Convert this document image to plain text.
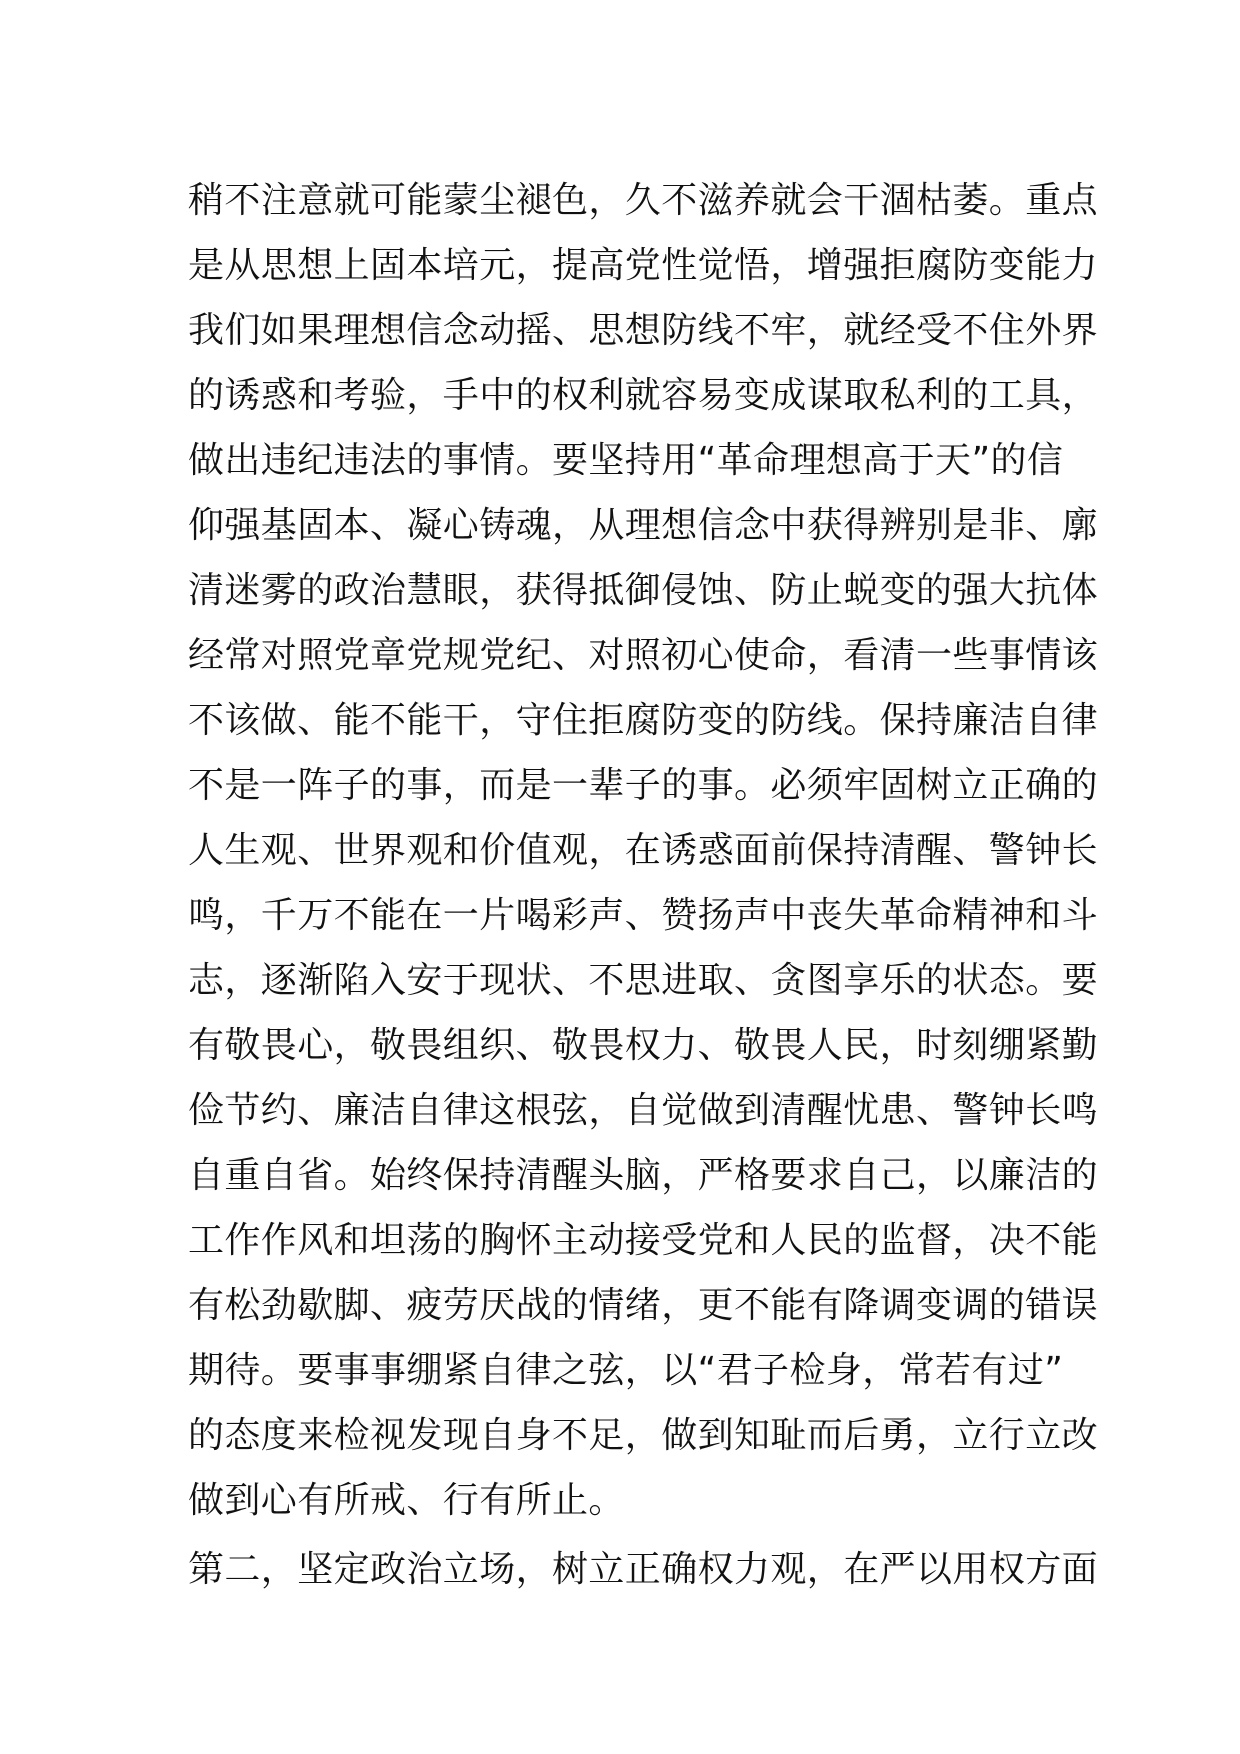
稍不注意就可能蒙尘褪色，久不滋养就会干涸枯萎。重点
是从思想上固本培元，提高党性觉悟，增强拒腐防变能力
我们如果理想信念动摇、思想防线不牢，就经受不住外界
的诱惑和考验，手中的权利就容易变成谋取私利的工具，
做出违纪违法的事情。要坚持用“革命理想高于天”的信
仰强基固本、凝心铸魂，从理想信念中获得辨别是非、廓
清迷雾的政治慧眼，获得抵御侵蚀、防止蜕变的强大抗体
经常对照党章党规党纪、对照初心使命，看清一些事情该
不该做、能不能干，守住拒腐防变的防线。保持廉洁自律
不是一阵子的事，而是一辈子的事。必须牢固树立正确的
人生观、世界观和价值观，在诱惑面前保持清醒、警钟长
鸣，千万不能在一片喝彩声、赞扬声中丧失革命精神和斗
志，逐渐陷入安于现状、不思进取、贪图享乐的状态。要
有敬畏心，敬畏组织、敬畏权力、敬畏人民，时刻绷紧勤
俭节约、廉洁自律这根弦，自觉做到清醒忧患、警钟长鸣
自重自省。始终保持清醒头脑，严格要求自己，以廉洁的
工作作风和坦荡的胸怀主动接受党和人民的监督，决不能
有松劲歇脚、疲劳厌战的情绪，更不能有降调变调的错误
期待。要事事绷紧自律之弦，以“君子检身，常若有过”
的态度来检视发现自身不足，做到知耻而后勇，立行立改
做到心有所戒、行有所止。
第二，坚定政治立场，树立正确权力观，在严以用权方面
